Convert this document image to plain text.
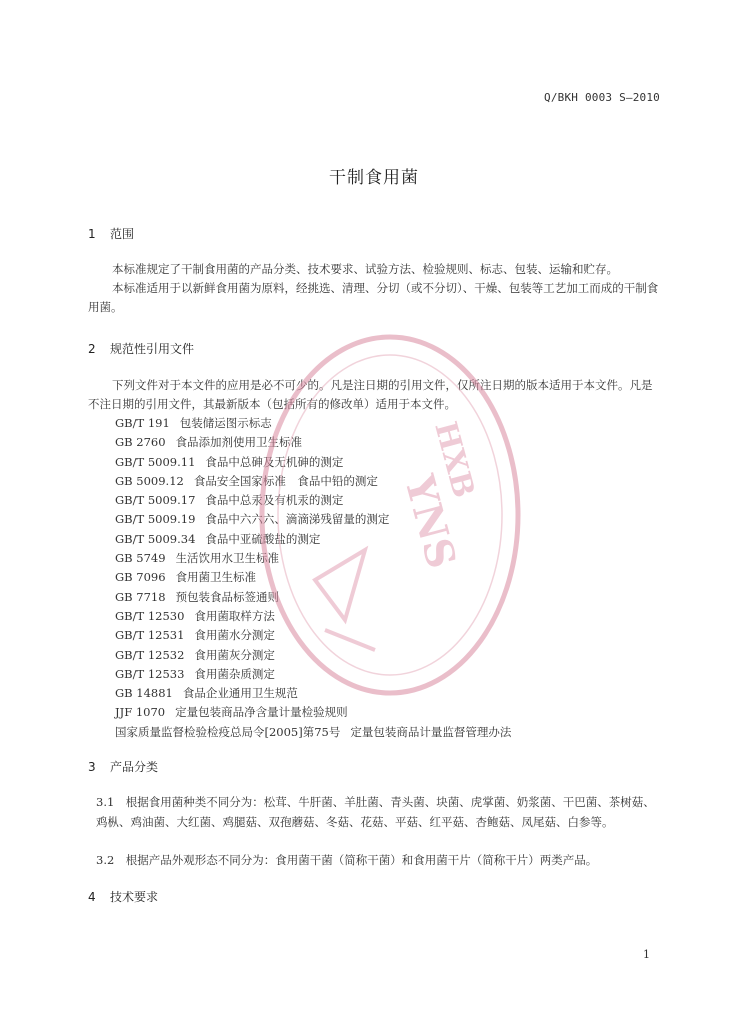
Q/BKH 0003 S—2010
干制食用菌
1 范围
本标准规定了干制食用菌的产品分类、技术要求、试验方法、检验规则、标志、包装、运输和贮存。
本标准适用于以新鲜食用菌为原料，经挑选、清理、分切（或不分切）、干燥、包装等工艺加工而成的干制食用菌。
2 规范性引用文件
下列文件对于本文件的应用是必不可少的。凡是注日期的引用文件，仅所注日期的版本适用于本文件。凡是不注日期的引用文件，其最新版本（包括所有的修改单）适用于本文件。
GB/T 191 包装储运图示标志
GB 2760 食品添加剂使用卫生标准
GB/T 5009.11 食品中总砷及无机砷的测定
GB 5009.12 食品安全国家标准　食品中铅的测定
GB/T 5009.17 食品中总汞及有机汞的测定
GB/T 5009.19 食品中六六六、滴滴涕残留量的测定
GB/T 5009.34 食品中亚硫酸盐的测定
GB 5749 生活饮用水卫生标准
GB 7096 食用菌卫生标准
GB 7718 预包装食品标签通则
GB/T 12530 食用菌取样方法
GB/T 12531 食用菌水分测定
GB/T 12532 食用菌灰分测定
GB/T 12533 食用菌杂质测定
GB 14881 食品企业通用卫生规范
JJF 1070 定量包装商品净含量计量检验规则
国家质量监督检验检疫总局令[2005]第75号 定量包装商品计量监督管理办法
3 产品分类
3.1　根据食用菌种类不同分为：松茸、牛肝菌、羊肚菌、青头菌、块菌、虎掌菌、奶浆菌、干巴菌、茶树菇、鸡枞、鸡油菌、大红菌、鸡腿菇、双孢蘑菇、冬菇、花菇、平菇、红平菇、杏鲍菇、凤尾菇、白参等。
3.2　根据产品外观形态不同分为：食用菌干菌（简称干菌）和食用菌干片（简称干片）两类产品。
4 技术要求
1
YNS
HXB
